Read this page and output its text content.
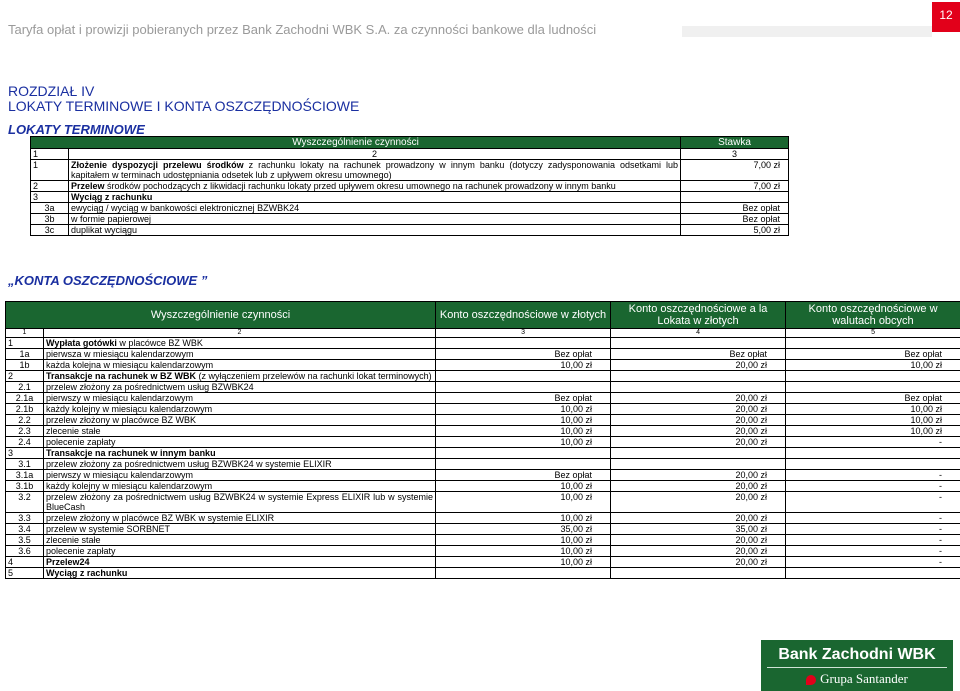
Taryfa opłat i prowizji pobieranych przez Bank Zachodni WBK S.A. za czynności bankowe dla ludności
12
ROZDZIAŁ IV
LOKATY TERMINOWE I KONTA OSZCZĘDNOŚCIOWE
LOKATY TERMINOWE
Wyszczególnienie czynności		Stawka
1	2	3
1	Złożenie dyspozycji przelewu środków z rachunku lokaty na rachunek prowadzony w innym banku (dotyczy zadysponowania odsetkami lub kapitałem w terminach udostępniania odsetek lub z upływem okresu umownego)	7,00 zł
2	Przelew środków pochodzących z likwidacji rachunku lokaty przed upływem okresu umownego na rachunek prowadzony w innym banku	7,00 zł
3	Wyciąg z rachunku	
3a	ewyciąg / wyciąg w bankowości elektronicznej BZWBK24	Bez opłat
3b	w formie papierowej	Bez opłat
3c	duplikat wyciągu	5,00 zł
„KONTA OSZCZĘDNOŚCIOWE ”
Wyszczególnienie czynności		Konto oszczędnościowe w złotych	Konto oszczędnościowe a la Lokata w złotych	Konto oszczędnościowe w walutach obcych
1	2	3	4	5
1	Wypłata gotówki w placówce BZ WBK			
1a	pierwsza w miesiącu kalendarzowym	Bez opłat	Bez opłat	Bez opłat
1b	każda kolejna w miesiącu kalendarzowym	10,00 zł	20,00 zł	10,00 zł
2	Transakcje na rachunek w BZ WBK (z wyłączeniem przelewów na rachunki lokat terminowych)			
2.1	przelew złożony za pośrednictwem usług BZWBK24			
2.1a	pierwszy w miesiącu kalendarzowym	Bez opłat	20,00 zł	Bez opłat
2.1b	każdy kolejny w miesiącu kalendarzowym	10,00 zł	20,00 zł	10,00 zł
2.2	przelew złożony w placówce BZ WBK	10,00 zł	20,00 zł	10,00 zł
2.3	zlecenie stałe	10,00 zł	20,00 zł	10,00 zł
2.4	polecenie zapłaty	10,00 zł	20,00 zł	-
3	Transakcje na rachunek w innym banku			
3.1	przelew złożony za pośrednictwem usług BZWBK24 w systemie ELIXIR			
3.1a	pierwszy w miesiącu kalendarzowym	Bez opłat	20,00 zł	-
3.1b	każdy kolejny w miesiącu kalendarzowym	10,00 zł	20,00 zł	-
3.2	przelew złożony za pośrednictwem usług BZWBK24 w systemie Express ELIXIR lub w systemie BlueCash	10,00 zł	20,00 zł	-
3.3	przelew złożony w placówce BZ WBK w systemie ELIXIR	10,00 zł	20,00 zł	-
3.4	przelew w systemie SORBNET	35,00 zł	35,00 zł	-
3.5	zlecenie stałe	10,00 zł	20,00 zł	-
3.6	polecenie zapłaty	10,00 zł	20,00 zł	-
4	Przelew24	10,00 zł	20,00 zł	-
5	Wyciąg z rachunku			
Bank Zachodni WBK
Grupa Santander
